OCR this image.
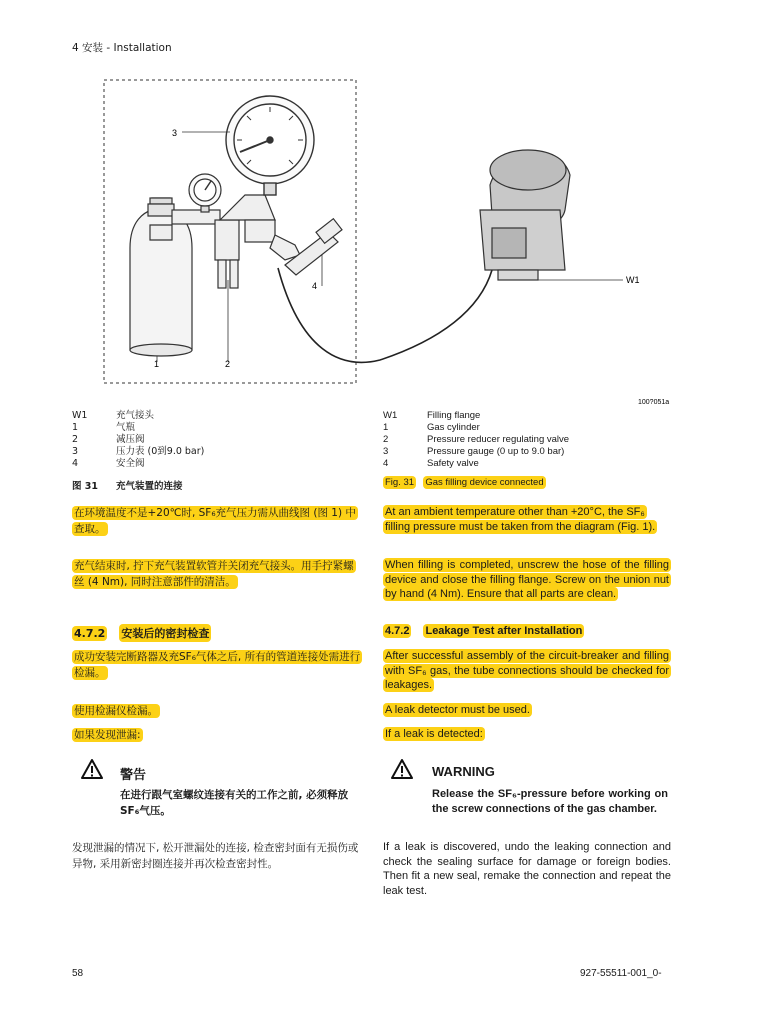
4 安装 - Installation
3
1	2
4
W1
100?051a
W1	充气接头
1	气瓶
2	减压阀
3	压力表 (0到9.0 bar)
4	安全阀
图 31 充气装置的连接
W1	Filling flange
1	Gas cylinder
2	Pressure reducer regulating valve
3	Pressure gauge (0 up to 9.0 bar)
4	Safety valve
Fig. 31 Gas filling device connected
在环境温度不是+20℃时, SF₆充气压力需从曲线图 (图 1) 中查取。
At an ambient temperature other than +20°C, the SF₆ filling pressure must be taken from the diagram (Fig. 1).
充气结束时, 拧下充气装置软管并关闭充气接头。用手拧紧螺丝 (4 Nm), 同时注意部件的清洁。
When filling is completed, unscrew the hose of the filling device and close the filling flange. Screw on the union nut by hand (4 Nm). Ensure that all parts are clean.
4.7.2 安装后的密封检查	4.7.2 Leakage Test after Installation
成功安装完断路器及充SF₆气体之后, 所有的管道连接处需进行检漏。
After successful assembly of the circuit-breaker and filling with SF₆ gas, the tube connections should be checked for leakages.
使用检漏仪检漏。	A leak detector must be used.
如果发现泄漏:	If a leak is detected:
警告
在进行跟气室螺纹连接有关的工作之前, 必须释放SF₆气压。
WARNING
Release the SF₆-pressure before working on the screw connections of the gas chamber.
发现泄漏的情况下, 松开泄漏处的连接, 检查密封面有无损伤或异物, 采用新密封圈连接并再次检查密封性。
If a leak is discovered, undo the leaking connection and check the sealing surface for damage or foreign bodies. Then fit a new seal, remake the connection and repeat the leak test.
58	927-55511-001_0-
